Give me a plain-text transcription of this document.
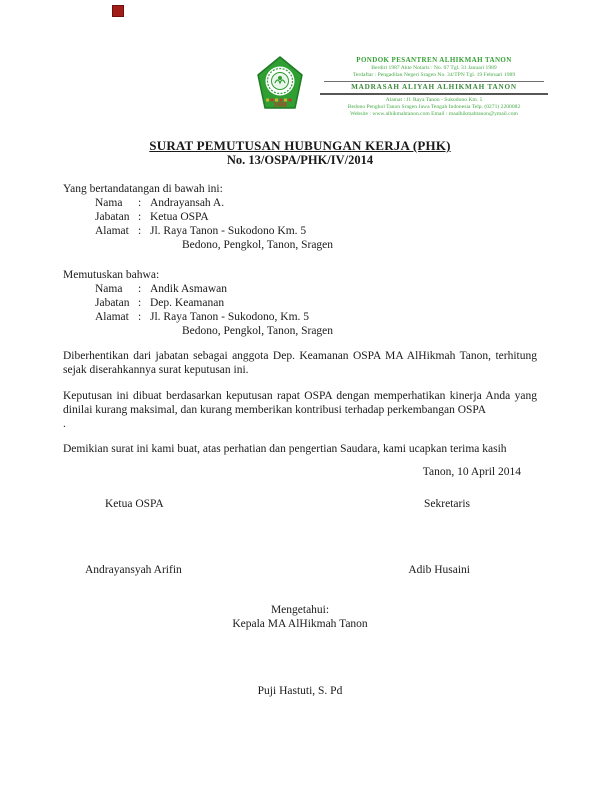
1988
PONDOK PESANTREN ALHIKMAH TANON
Berdiri 1987 Akte Notaris : No. 07 Tgl. 31 Januari 1989
Terdaftar : Pengadilan Negeri Sragen No. 34/TPN Tgl. 19 Februari 1989
MADRASAH ALIYAH ALHIKMAH TANON
Alamat : Jl. Raya Tanon - Sukodono Km. 5
Bedono Pengkol Tanon Sragen Jawa Tengah Indonesia Telp. (0271) 2200082
Website : www.alhikmahtanon.com Email : maalhikmahtanon@ymail.com
SURAT PEMUTUSAN HUBUNGAN KERJA (PHK)
No. 13/OSPA/PHK/IV/2014
Yang bertandatangan di bawah ini:
Nama	: Andrayansah A.
Jabatan : Ketua OSPA
Alamat : Jl. Raya Tanon - Sukodono Km. 5
Bedono, Pengkol, Tanon, Sragen
Memutuskan bahwa:
Nama	: Andik Asmawan
Jabatan : Dep. Keamanan
Alamat : Jl. Raya Tanon - Sukodono, Km. 5
Bedono, Pengkol, Tanon, Sragen
Diberhentikan dari jabatan sebagai anggota Dep. Keamanan OSPA MA AlHikmah Tanon, terhitung sejak diserahkannya surat keputusan ini.
Keputusan ini dibuat berdasarkan keputusan rapat OSPA dengan memperhatikan kinerja Anda yang dinilai kurang maksimal, dan kurang memberikan kontribusi terhadap perkembangan OSPA
.
Demikian surat ini kami buat, atas perhatian dan pengertian Saudara, kami ucapkan terima kasih
Tanon, 10 April 2014
Ketua OSPA	Sekretaris
Andrayansyah Arifin	Adib Husaini
Mengetahui:
Kepala MA AlHikmah Tanon
Puji Hastuti, S. Pd
